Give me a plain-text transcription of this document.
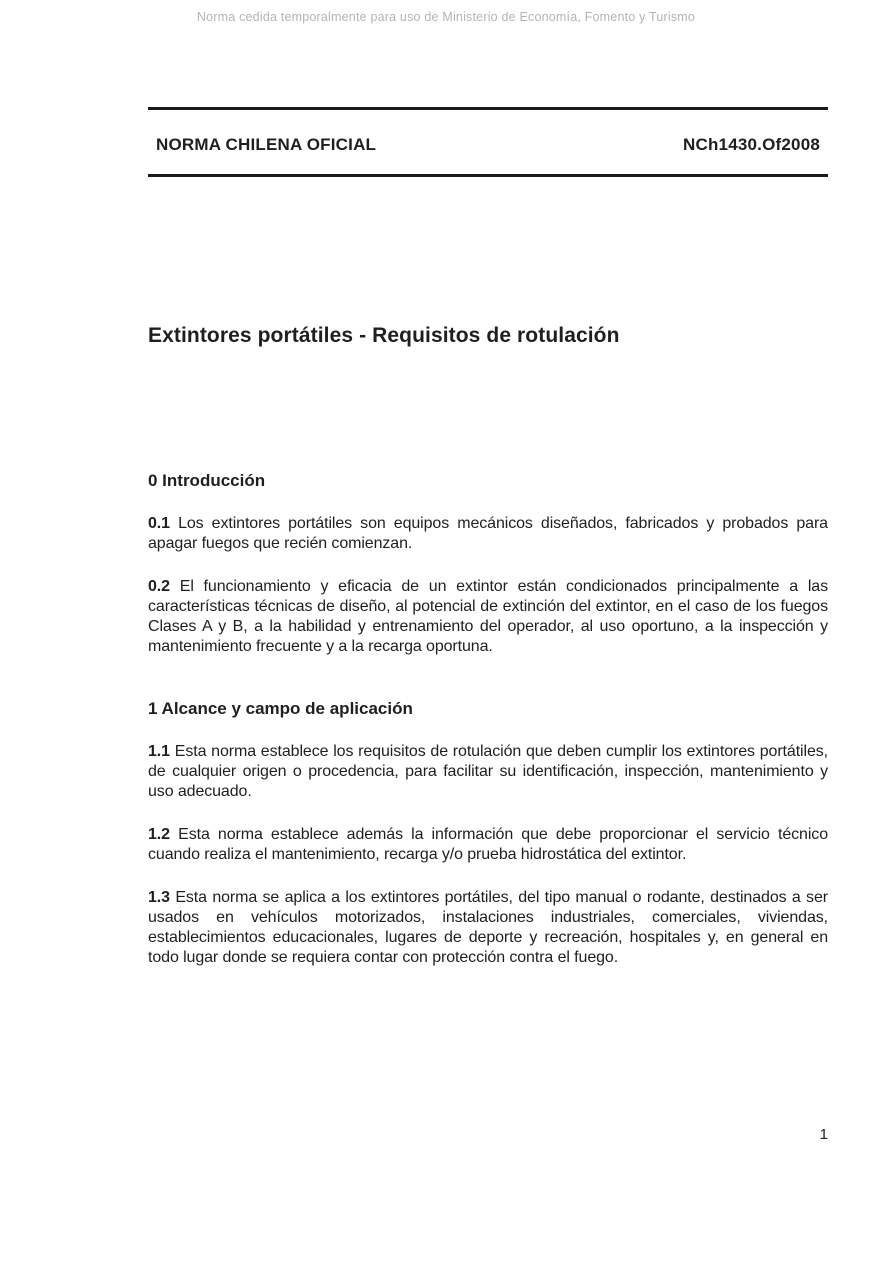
Norma cedida temporalmente para uso de Ministerio de Economía, Fomento y Turismo
NORMA CHILENA OFICIAL	NCh1430.Of2008
Extintores portátiles - Requisitos de rotulación
0 Introducción

0.1 Los extintores portátiles son equipos mecánicos diseñados, fabricados y probados para apagar fuegos que recién comienzan.

0.2 El funcionamiento y eficacia de un extintor están condicionados principalmente a las características técnicas de diseño, al potencial de extinción del extintor, en el caso de los fuegos Clases A y B, a la habilidad y entrenamiento del operador, al uso oportuno, a la inspección y mantenimiento frecuente y a la recarga oportuna.

1 Alcance y campo de aplicación

1.1 Esta norma establece los requisitos de rotulación que deben cumplir los extintores portátiles, de cualquier origen o procedencia, para facilitar su identificación, inspección, mantenimiento y uso adecuado.

1.2 Esta norma establece además la información que debe proporcionar el servicio técnico cuando realiza el mantenimiento, recarga y/o prueba hidrostática del extintor.

1.3 Esta norma se aplica a los extintores portátiles, del tipo manual o rodante, destinados a ser usados en vehículos motorizados, instalaciones industriales, comerciales, viviendas, establecimientos educacionales, lugares de deporte y recreación, hospitales y, en general en todo lugar donde se requiera contar con protección contra el fuego.

1
